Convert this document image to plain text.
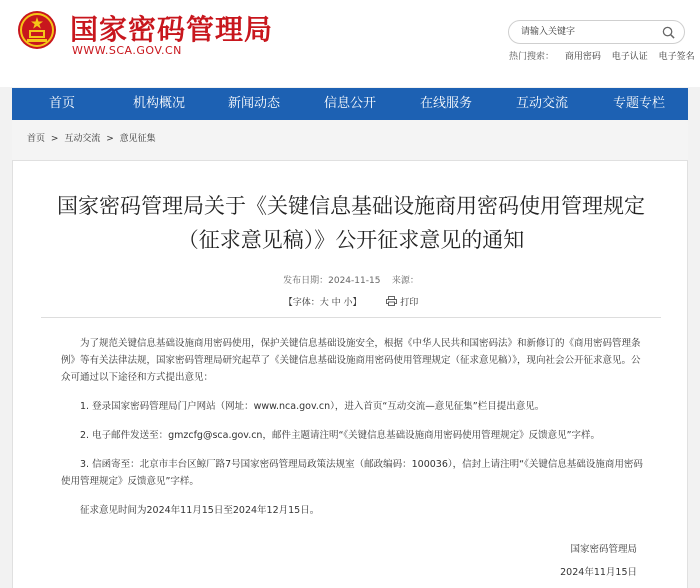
国家密码管理局
WWW.SCA.GOV.CN
请输入关键字	热门搜索： 商用密码 电子认证 电子签名
首页	机构概况	新闻动态	信息公开	在线服务	互动交流	专题专栏
首页 > 互动交流 > 意见征集
国家密码管理局关于《关键信息基础设施商用密码使用管理规定（征求意见稿）》公开征求意见的通知
发布日期：2024-11-15    来源：
【字体：大 中 小】	打印

为了规范关键信息基础设施商用密码使用，保护关键信息基础设施安全，根据《中华人民共和国密码法》和新修订的《商用密码管理条例》等有关法律法规，国家密码管理局研究起草了《关键信息基础设施商用密码使用管理规定（征求意见稿）》，现向社会公开征求意见。公众可通过以下途径和方式提出意见：

1. 登录国家密码管理局门户网站（网址：www.nca.gov.cn），进入首页“互动交流—意见征集”栏目提出意见。

2. 电子邮件发送至：gmzcfg@sca.gov.cn，邮件主题请注明“《关键信息基础设施商用密码使用管理规定》反馈意见”字样。

3. 信函寄至：北京市丰台区鲸厂路7号国家密码管理局政策法规室（邮政编码：100036），信封上请注明“《关键信息基础设施商用密码使用管理规定》反馈意见”字样。

征求意见时间为2024年11月15日至2024年12月15日。

国家密码管理局
2024年11月15日
